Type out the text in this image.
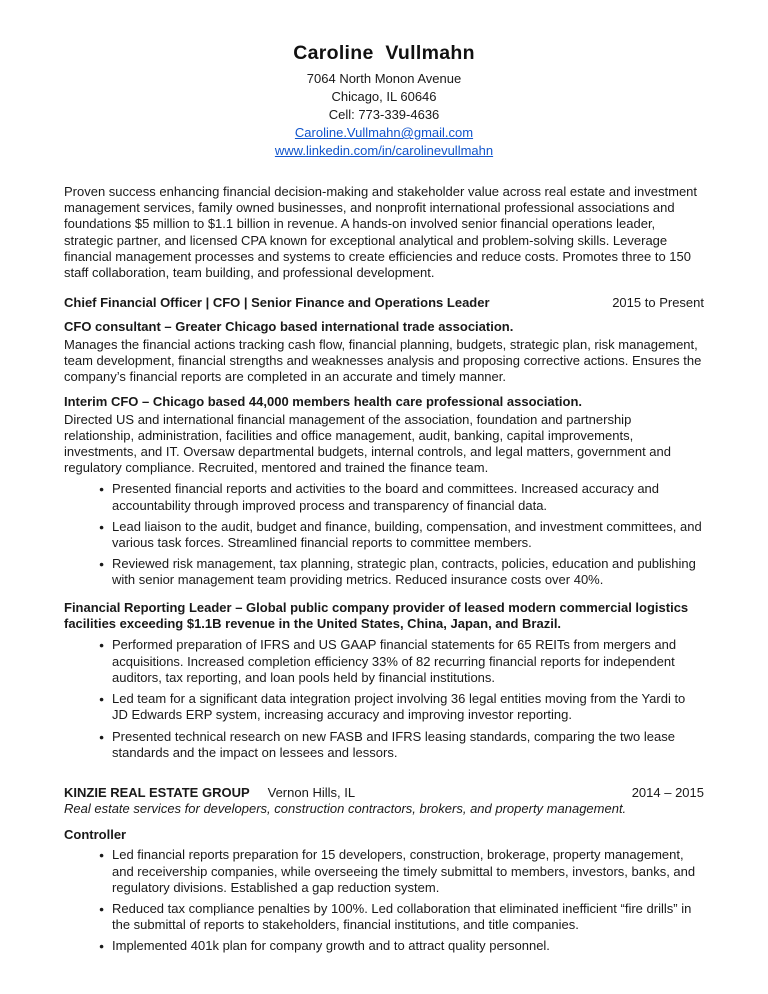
Caroline Vullmahn
7064 North Monon Avenue
Chicago, IL 60646
Cell: 773-339-4636
Caroline.Vullmahn@gmail.com
www.linkedin.com/in/carolinevullmahn

Proven success enhancing financial decision-making and stakeholder value across real estate and investment management services, family owned businesses, and nonprofit international professional associations and foundations $5 million to $1.1 billion in revenue. A hands-on involved senior financial operations leader, strategic partner, and licensed CPA known for exceptional analytical and problem-solving skills. Leverage financial management processes and systems to create efficiencies and reduce costs. Promotes three to 150 staff collaboration, team building, and professional development.

Chief Financial Officer | CFO | Senior Finance and Operations Leader	2015 to Present
CFO consultant – Greater Chicago based international trade association.

Manages the financial actions tracking cash flow, financial planning, budgets, strategic plan, risk management, team development, financial strengths and weaknesses analysis and proposing corrective actions. Ensures the company’s financial reports are completed in an accurate and timely manner.

Interim CFO – Chicago based 44,000 members health care professional association.

Directed US and international financial management of the association, foundation and partnership relationship, administration, facilities and office management, audit, banking, capital improvements, investments, and IT. Oversaw departmental budgets, internal controls, and legal matters, government and regulatory compliance. Recruited, mentored and trained the finance team.

● Presented financial reports and activities to the board and committees. Increased accuracy and accountability through improved process and transparency of financial data.
● Lead liaison to the audit, budget and finance, building, compensation, and investment committees, and various task forces. Streamlined financial reports to committee members.
● Reviewed risk management, tax planning, strategic plan, contracts, policies, education and publishing with senior management team providing metrics. Reduced insurance costs over 40%.
Financial Reporting Leader – Global public company provider of leased modern commercial logistics facilities exceeding $1.1B revenue in the United States, China, Japan, and Brazil.
● Performed preparation of IFRS and US GAAP financial statements for 65 REITs from mergers and acquisitions. Increased completion efficiency 33% of 82 recurring financial reports for independent auditors, tax reporting, and loan pools held by financial institutions.
● Led team for a significant data integration project involving 36 legal entities moving from the Yardi to JD Edwards ERP system, increasing accuracy and improving investor reporting.
● Presented technical research on new FASB and IFRS leasing standards, comparing the two lease standards and the impact on lessees and lessors.
KINZIE REAL ESTATE GROUP Vernon Hills, IL	2014 – 2015

Real estate services for developers, construction contractors, brokers, and property management.

Controller
● Led financial reports preparation for 15 developers, construction, brokerage, property management, and receivership companies, while overseeing the timely submittal to members, investors, banks, and regulatory divisions. Established a gap reduction system.
● Reduced tax compliance penalties by 100%. Led collaboration that eliminated inefficient “fire drills” in the submittal of reports to stakeholders, financial institutions, and title companies.
● Implemented 401k plan for company growth and to attract quality personnel.
